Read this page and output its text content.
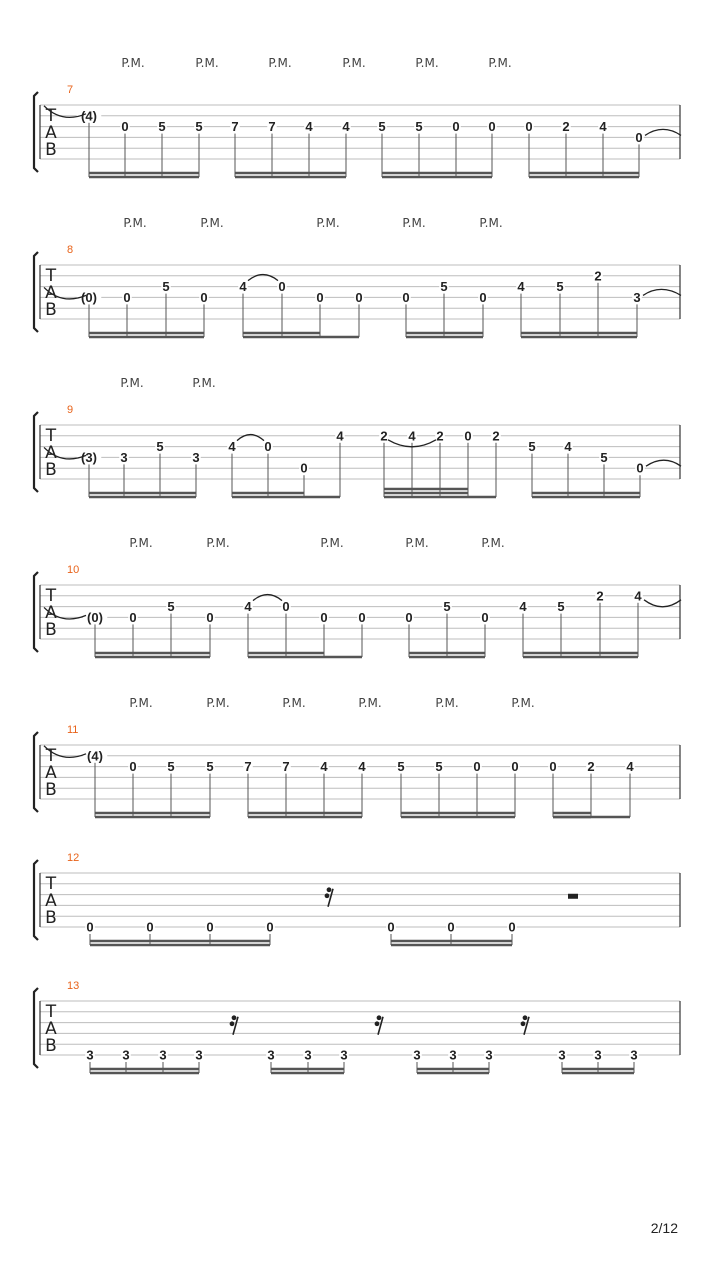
T
A
B
7
P.M.	P.M.	P.M.	P.M.	P.M.	P.M.
(4)
0 5 5 7 7 4 4 5 5 0 0 0 2 4
0
T
A
B
8
P.M.	P.M.	P.M.	P.M.	P.M.
(0) 0
5
0
4 0
0 0	0
5
0
4 5
2
3
T
A
B
9
P.M.	P.M.
(3) 3
5
3
4 0
0
4	2 4 2 0 2
5 4
5
0
T
A
B
10
P.M.	P.M.	P.M.	P.M.	P.M.
(0) 0
5
0
4 0
0 0	0
5
0
4 5
2 4
T
A
B
11
P.M.	P.M.	P.M.	P.M.	P.M.	P.M.
(4)
0 5 5 7 7 4 4 5 5 0 0 0 2 4
T
A
B
12
0	0	0	0	0	0	0
T
A
B
13
3 3 3 3	3 3 3	3 3 3	3 3 3
2/12
